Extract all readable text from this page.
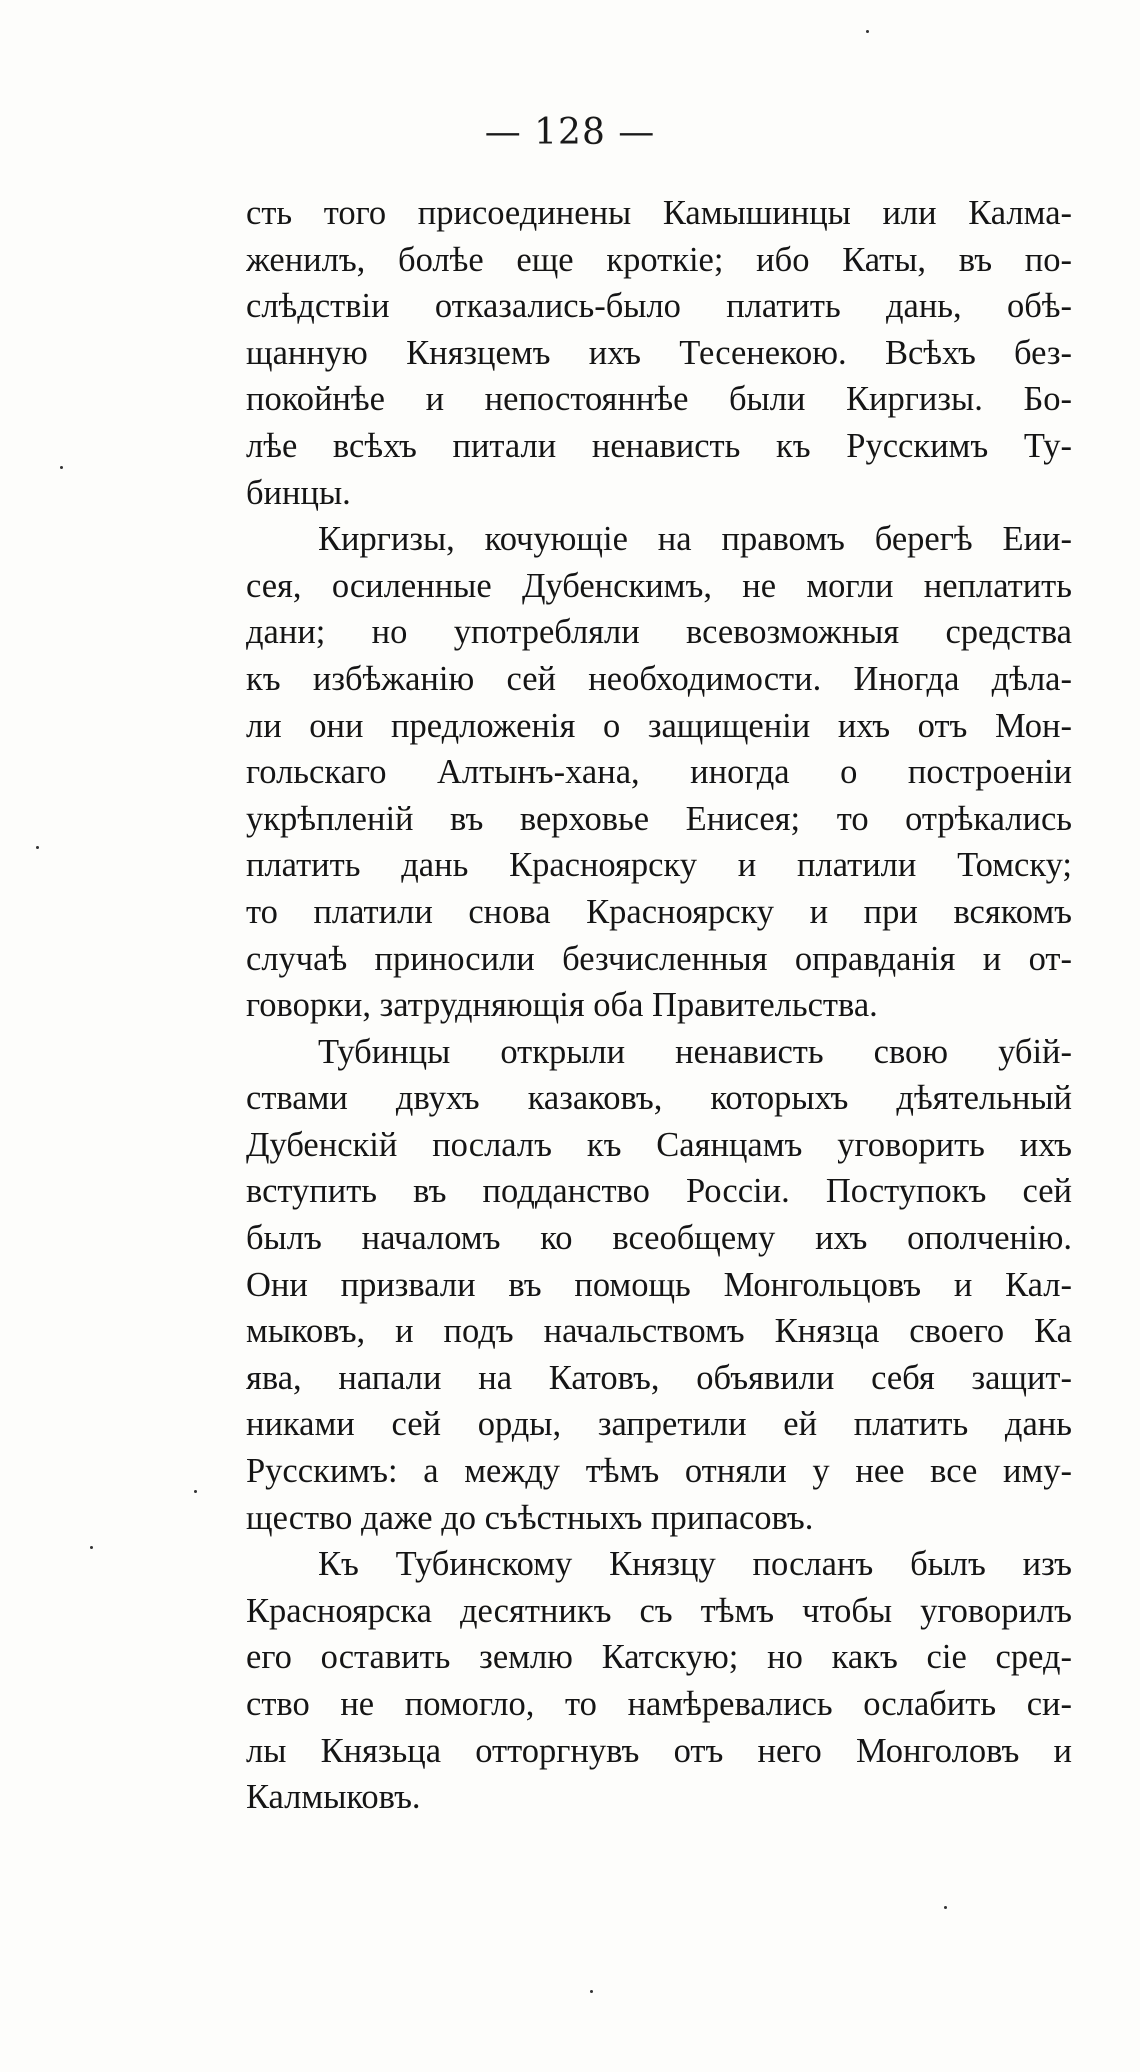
— 128 —
сть того присоединены Камышинцы или Калма-
женилъ, болѣе еще кроткіе; ибо Каты, въ по-
слѣдствіи отказались-было платить дань, обѣ-
щанную Князцемъ ихъ Тесенекою. Всѣхъ без-
покойнѣе и непостояннѣе были Киргизы. Бо-
лѣе всѣхъ питали ненависть къ Русскимъ Ту-
бинцы.
Киргизы, кочующіе на правомъ берегѣ Еии-
сея, осиленные Дубенскимъ, не могли неплатить
дани; но употребляли всевозможныя средства
къ избѣжанію сей необходимости. Иногда дѣла-
ли они предложенія о защищеніи ихъ отъ Мон-
гольскаго Алтынъ-хана, иногда о построеніи
укрѣпленій въ верховье Енисея; то отрѣкались
платить дань Красноярску и платили Томску;
то платили снова Красноярску и при всякомъ
случаѣ приносили безчисленныя оправданія и от-
говорки, затрудняющія оба Правительства.
Тубинцы открыли ненависть свою убій-
ствами двухъ казаковъ, которыхъ дѣятельный
Дубенскій послалъ къ Саянцамъ уговорить ихъ
вступить въ подданство Россіи. Поступокъ сей
былъ началомъ ко всеобщему ихъ ополченію.
Они призвали въ помощь Монгольцовъ и Кал-
мыковъ, и подъ начальствомъ Князца своего Ка
ява, напали на Катовъ, объявили себя защит-
никами сей орды, запретили ей платить дань
Русскимъ: а между тѣмъ отняли у нее все иму-
щество даже до съѣстныхъ припасовъ.
Къ Тубинскому Князцу посланъ былъ изъ
Красноярска десятникъ съ тѣмъ чтобы уговорилъ
его оставить землю Катскую; но какъ сіе сред-
ство не помогло, то намѣревались ослабить си-
лы Князьца отторгнувъ отъ него Монголовъ и
Калмыковъ.
